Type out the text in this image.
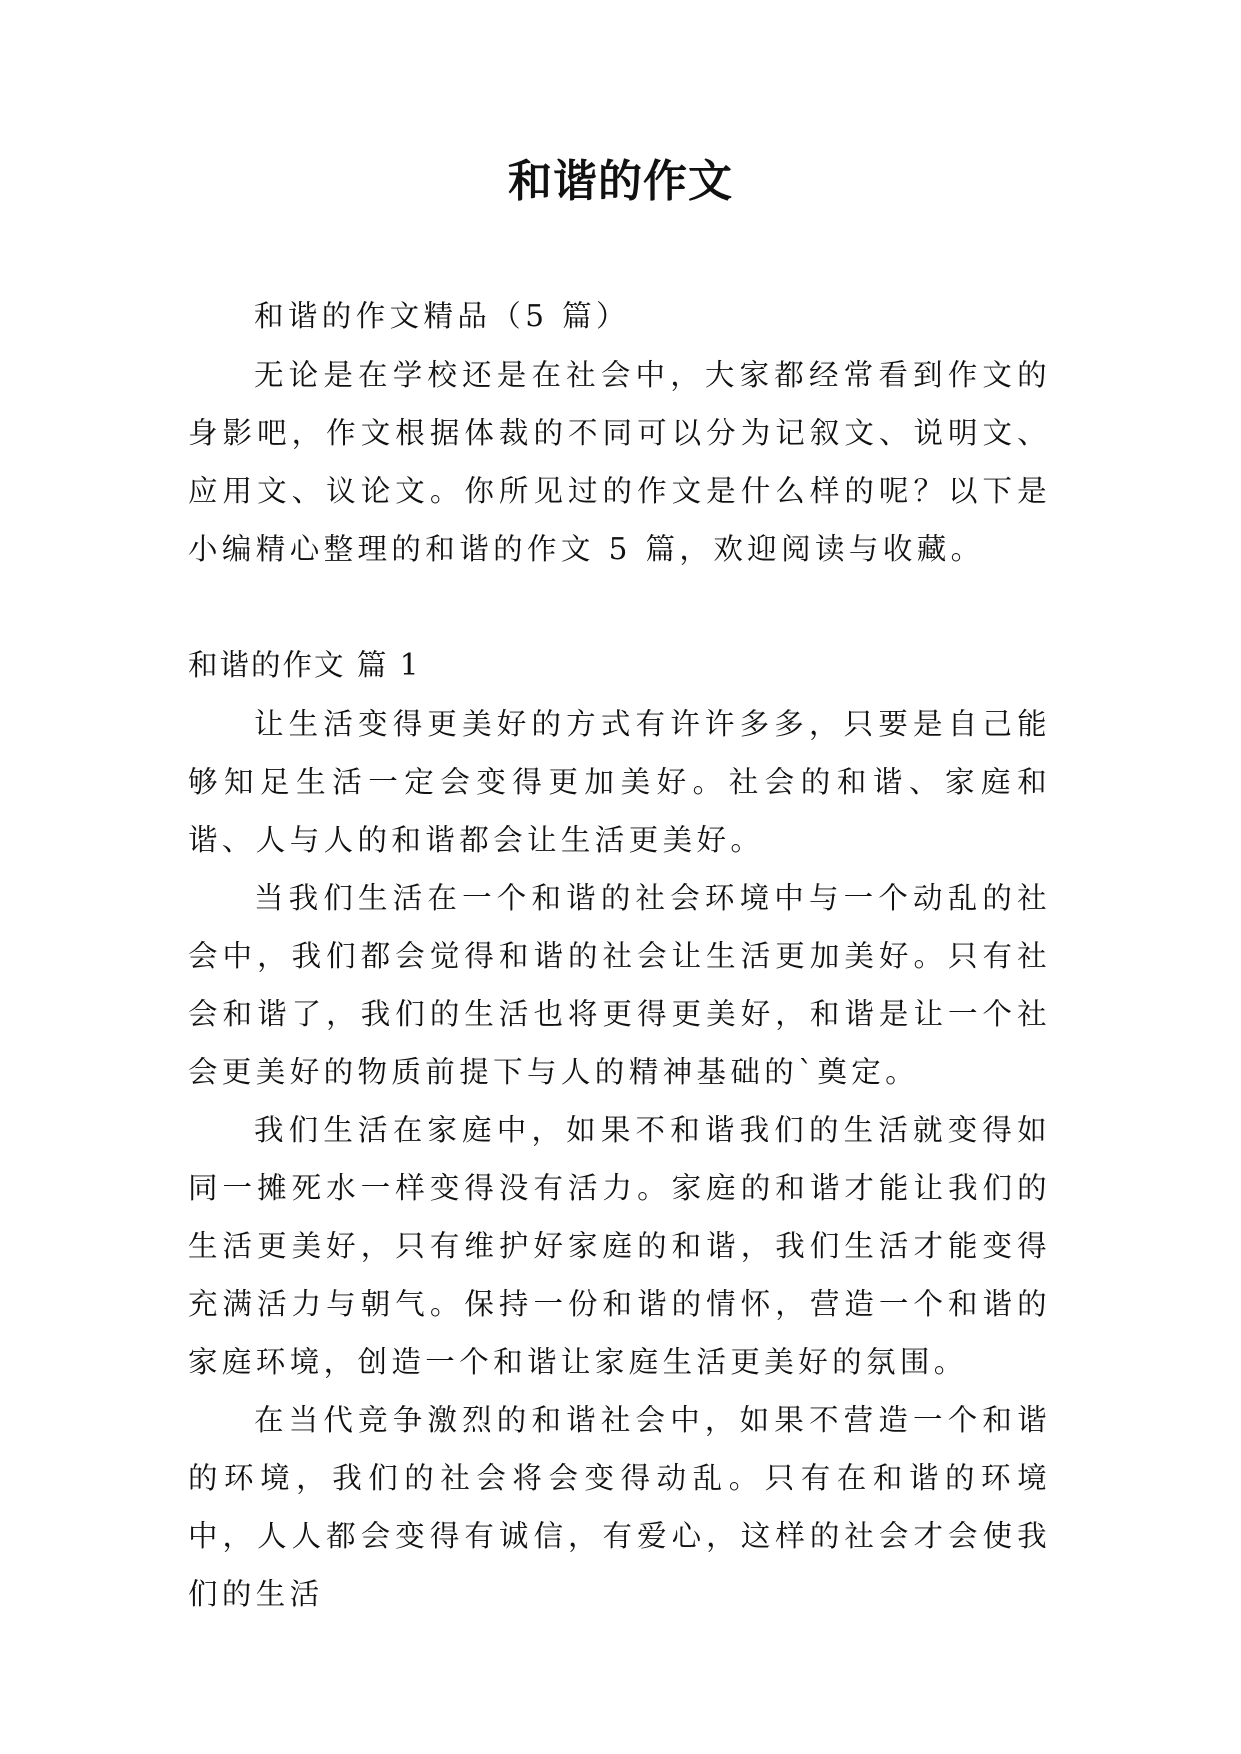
和谐的作文

和谐的作文精品（5 篇）

无论是在学校还是在社会中，大家都经常看到作文的身影吧，作文根据体裁的不同可以分为记叙文、说明文、应用文、议论文。你所见过的作文是什么样的呢？以下是小编精心整理的和谐的作文 5 篇，欢迎阅读与收藏。

和谐的作文 篇 1

让生活变得更美好的方式有许许多多，只要是自己能够知足生活一定会变得更加美好。社会的和谐、家庭和谐、人与人的和谐都会让生活更美好。

当我们生活在一个和谐的社会环境中与一个动乱的社会中，我们都会觉得和谐的社会让生活更加美好。只有社会和谐了，我们的生活也将更得更美好，和谐是让一个社会更美好的物质前提下与人的精神基础的`奠定。

我们生活在家庭中，如果不和谐我们的生活就变得如同一摊死水一样变得没有活力。家庭的和谐才能让我们的生活更美好，只有维护好家庭的和谐，我们生活才能变得充满活力与朝气。保持一份和谐的情怀，营造一个和谐的家庭环境，创造一个和谐让家庭生活更美好的氛围。

在当代竞争激烈的和谐社会中，如果不营造一个和谐的环境，我们的社会将会变得动乱。只有在和谐的环境中，人人都会变得有诚信，有爱心，这样的社会才会使我们的生活
